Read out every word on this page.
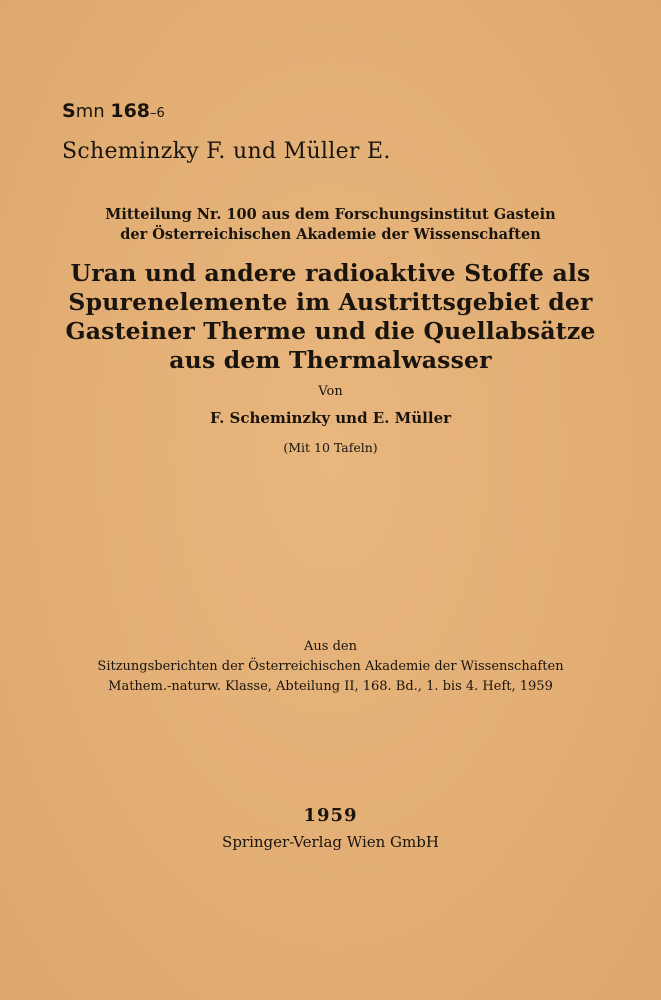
Smn 168–6
Scheminzky F. und Müller E.
Mitteilung Nr. 100 aus dem Forschungsinstitut Gastein
der Österreichischen Akademie der Wissenschaften
Uran und andere radioaktive Stoffe als
Spurenelemente im Austrittsgebiet der
Gasteiner Therme und die Quellabsätze
aus dem Thermalwasser
Von
F. Scheminzky und E. Müller
(Mit 10 Tafeln)
Aus den
Sitzungsberichten der Österreichischen Akademie der Wissenschaften
Mathem.-naturw. Klasse, Abteilung II, 168. Bd., 1. bis 4. Heft, 1959
1959
Springer-Verlag Wien GmbH
